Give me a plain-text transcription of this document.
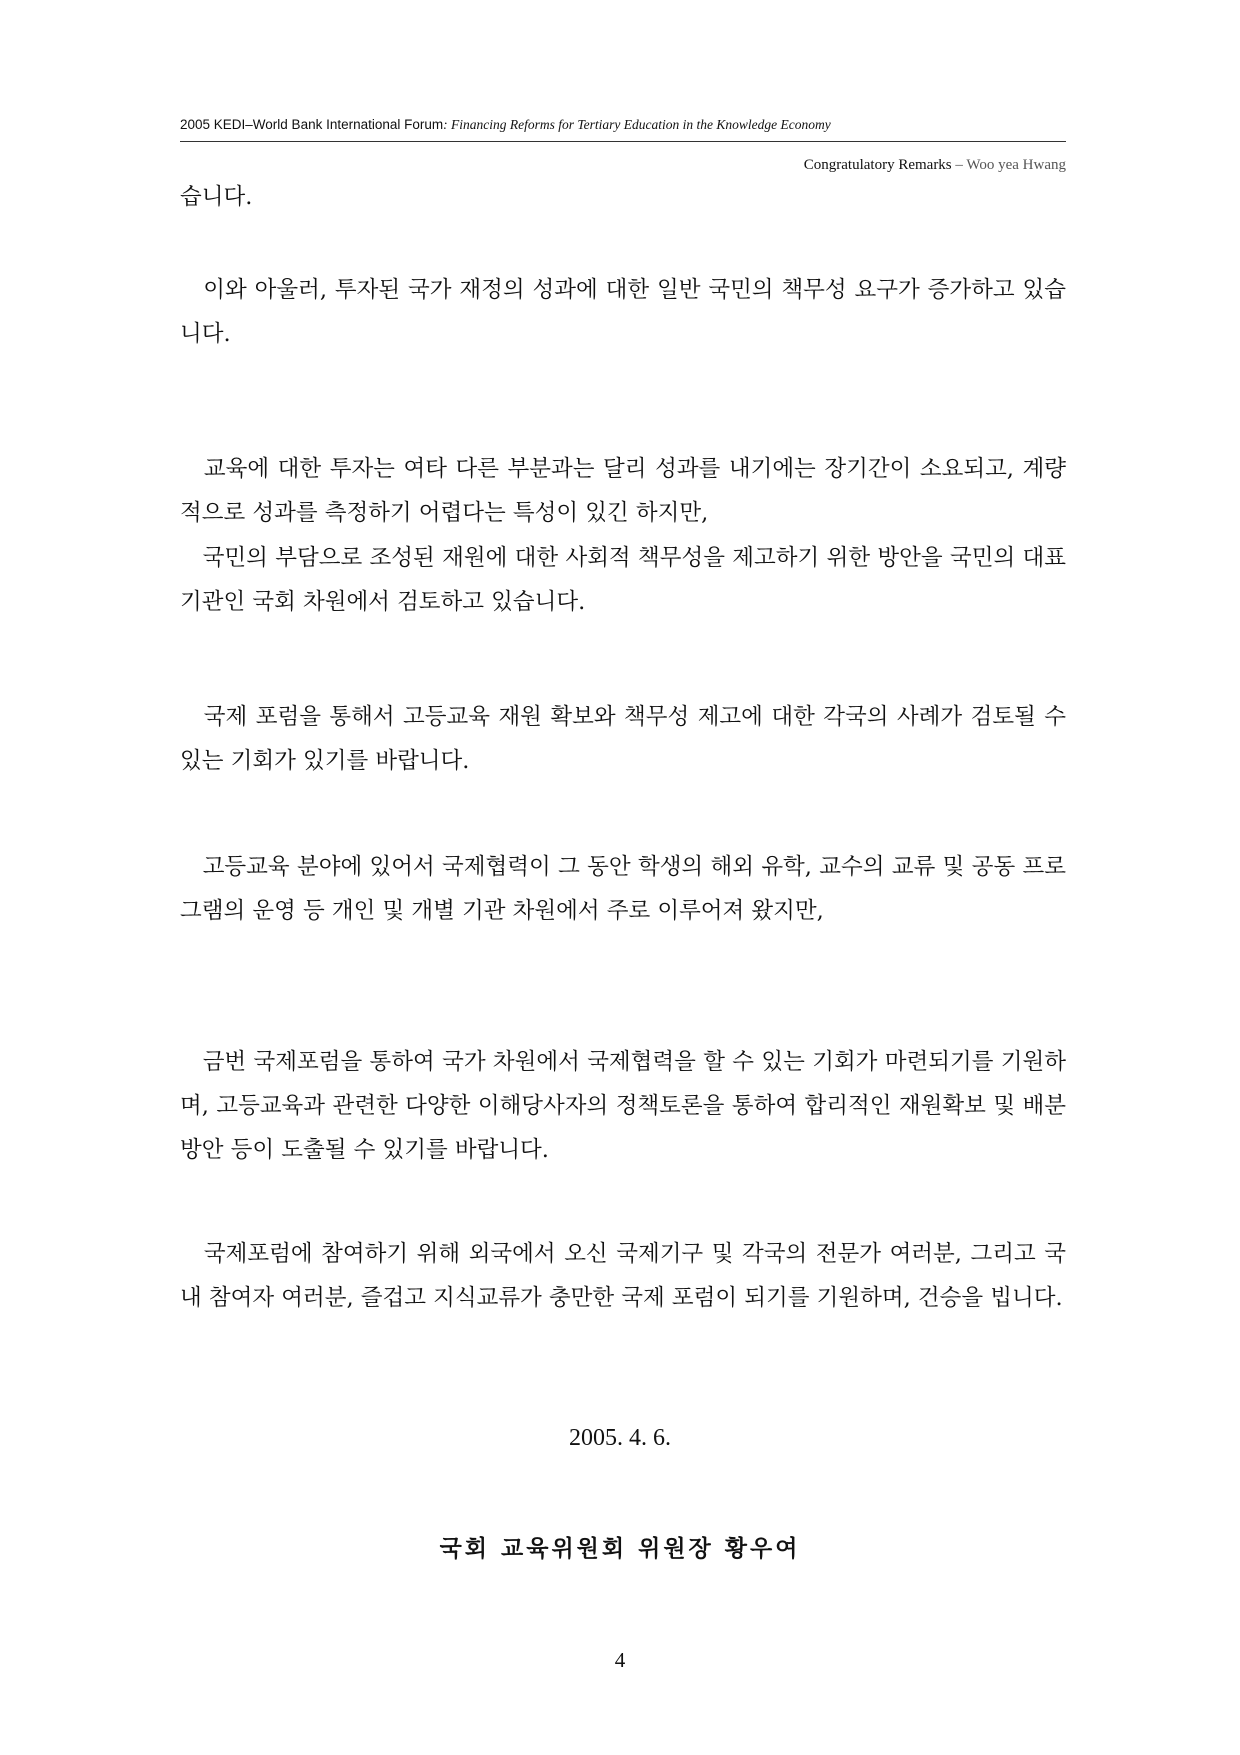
2005 KEDI–World Bank International Forum: Financing Reforms for Tertiary Education in the Knowledge Economy
Congratulatory Remarks – Woo yea Hwang

습니다.

　이와 아울러, 투자된 국가 재정의 성과에 대한 일반 국민의 책무성 요구가 증가하고 있습니다.

　교육에 대한 투자는 여타 다른 부분과는 달리 성과를 내기에는 장기간이 소요되고, 계량적으로 성과를 측정하기 어렵다는 특성이 있긴 하지만,

　국민의 부담으로 조성된 재원에 대한 사회적 책무성을 제고하기 위한 방안을 국민의 대표기관인 국회 차원에서 검토하고 있습니다.

　국제 포럼을 통해서 고등교육 재원 확보와 책무성 제고에 대한 각국의 사례가 검토될 수 있는 기회가 있기를 바랍니다.

　고등교육 분야에 있어서 국제협력이 그 동안 학생의 해외 유학, 교수의 교류 및 공동 프로그램의 운영 등 개인 및 개별 기관 차원에서 주로 이루어져 왔지만,

　금번 국제포럼을 통하여 국가 차원에서 국제협력을 할 수 있는 기회가 마련되기를 기원하며, 고등교육과 관련한 다양한 이해당사자의 정책토론을 통하여 합리적인 재원확보 및 배분방안 등이 도출될 수 있기를 바랍니다.

　국제포럼에 참여하기 위해 외국에서 오신 국제기구 및 각국의 전문가 여러분, 그리고 국내 참여자 여러분, 즐겁고 지식교류가 충만한 국제 포럼이 되기를 기원하며, 건승을 빕니다.

2005. 4. 6.

국회 교육위원회 위원장 황우여

4
